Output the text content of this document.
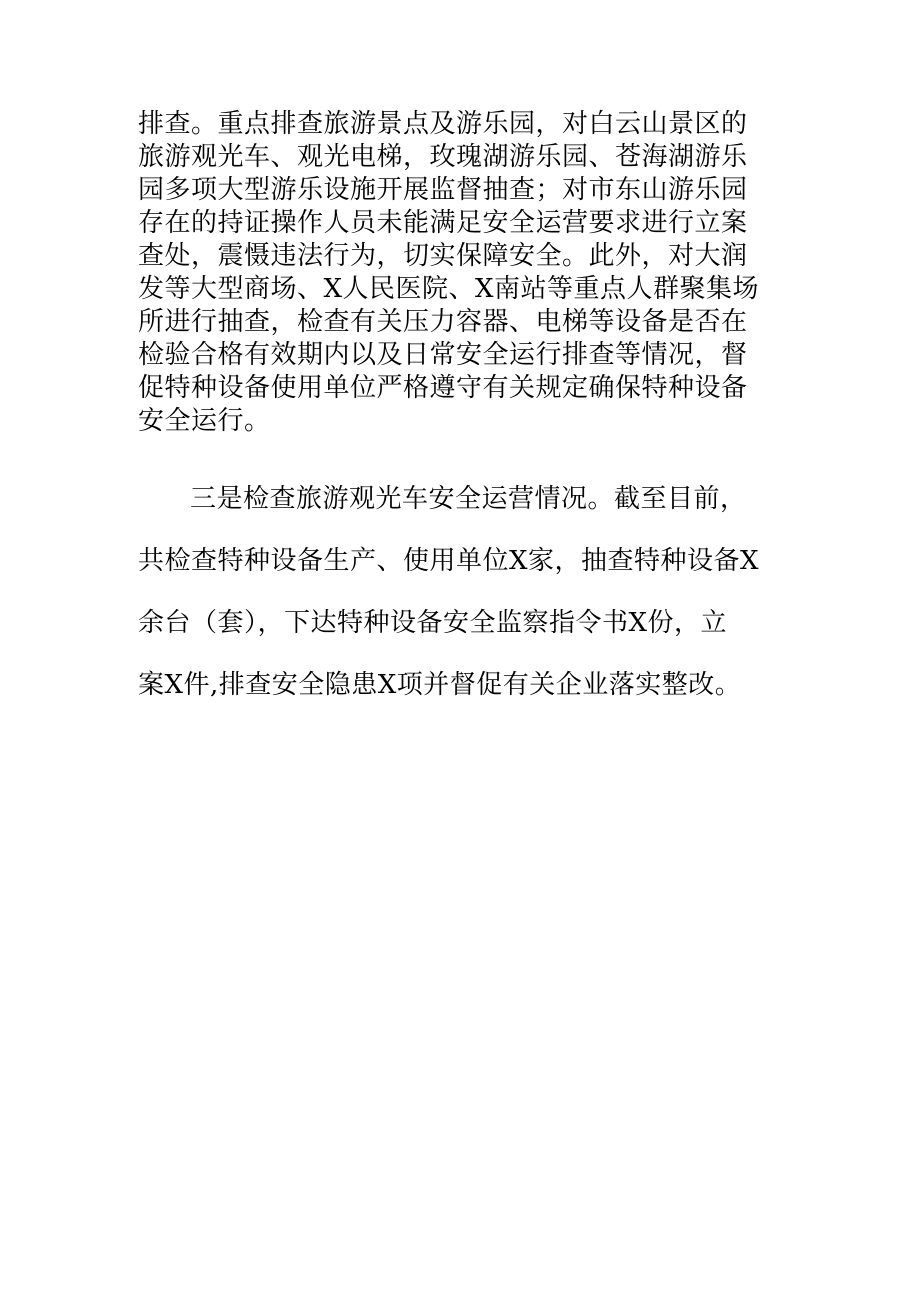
排查。重点排查旅游景点及游乐园，对白云山景区的
旅游观光车、观光电梯，玫瑰湖游乐园、苍海湖游乐
园多项大型游乐设施开展监督抽查；对市东山游乐园
存在的持证操作人员未能满足安全运营要求进行立案
查处，震慑违法行为，切实保障安全。此外，对大润
发等大型商场、X人民医院、X南站等重点人群聚集场
所进行抽查，检查有关压力容器、电梯等设备是否在
检验合格有效期内以及日常安全运行排查等情况，督
促特种设备使用单位严格遵守有关规定确保特种设备
安全运行。
三是检查旅游观光车安全运营情况。截至目前，
共检查特种设备生产、使用单位X家，抽查特种设备X
余台（套），下达特种设备安全监察指令书X份，立
案X件,排查安全隐患X项并督促有关企业落实整改。
